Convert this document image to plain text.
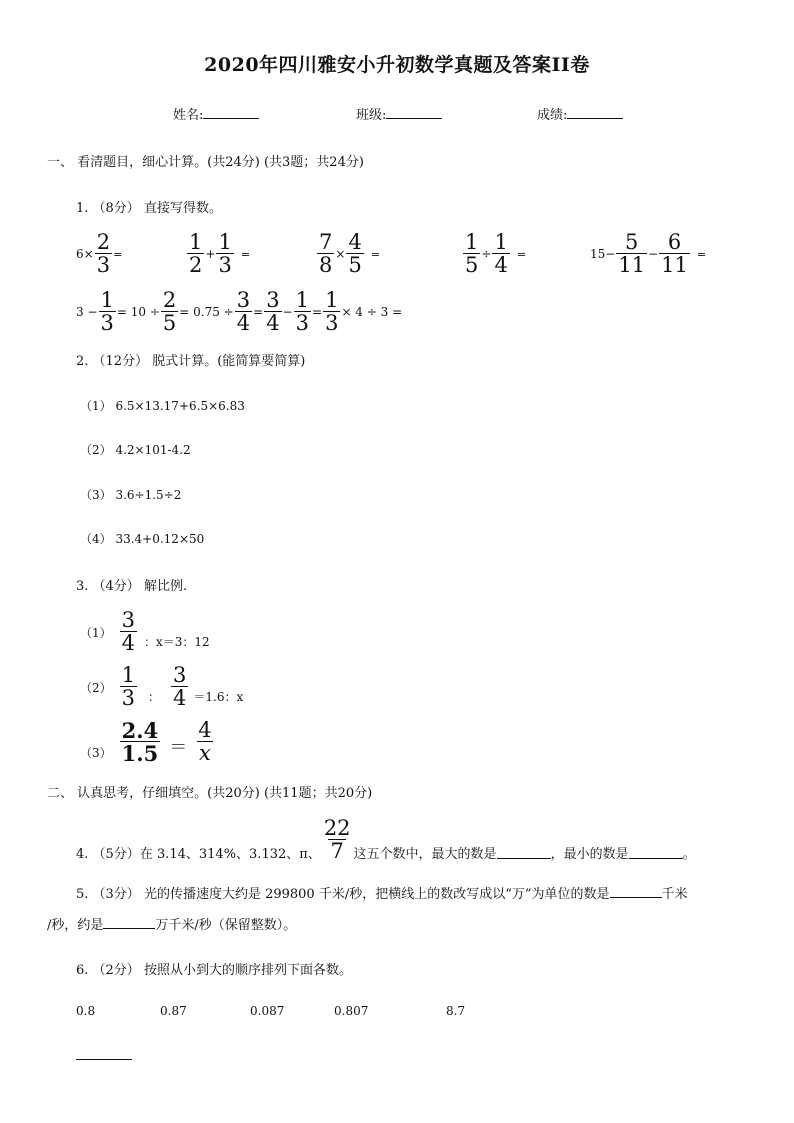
2020年四川雅安小升初数学真题及答案II卷
姓名:	班级:	成绩:
一、 看清题目，细心计算。(共24分) (共3题；共24分)
1. （8分） 直接写得数。
$6 \times \frac{2}{3}$ =	$\frac{1}{2} + \frac{1}{3}$ =	$\frac{7}{8} \times \frac{4}{5}$ =	$\frac{1}{5} \div \frac{1}{4}$ =	$15 - \frac{5}{11} - \frac{6}{11}$ =
$3 - \frac{1}{3} = 10 \div \frac{2}{5} = 0.75 \div \frac{3}{4} = \frac{3}{4} - \frac{1}{3} = \frac{1}{3} \times 4 \div 3$ =
2. （12分） 脱式计算。(能简算要简算)
（1） 6.5×13.17+6.5×6.83
（2） 4.2×101-4.2
（3） 3.6÷1.5÷2
（4） 33.4+0.12×50
3. （4分） 解比例.
$(1) \frac{3}{4}$ ：x＝3：12
$(2) \frac{1}{3}$ ： $\frac{3}{4} =1.6$：x
$(3) \frac{2.4}{1.5} = \frac{4}{x}$
二、 认真思考，仔细填空。(共20分) (共11题；共20分)
4. （5分）在 3.14、314%、3.132、π、 $\frac{22}{7}$ 这五个数中，最大的数是	，最小的数是	。
5. （3分） 光的传播速度大约是 299800 千米/秒，把横线上的数改写成以“万”为单位的数是	千米
/秒，约是	万千米/秒（保留整数）。
6. （2分） 按照从小到大的顺序排列下面各数。
0.8	0.87	0.087	0.807	8.7
